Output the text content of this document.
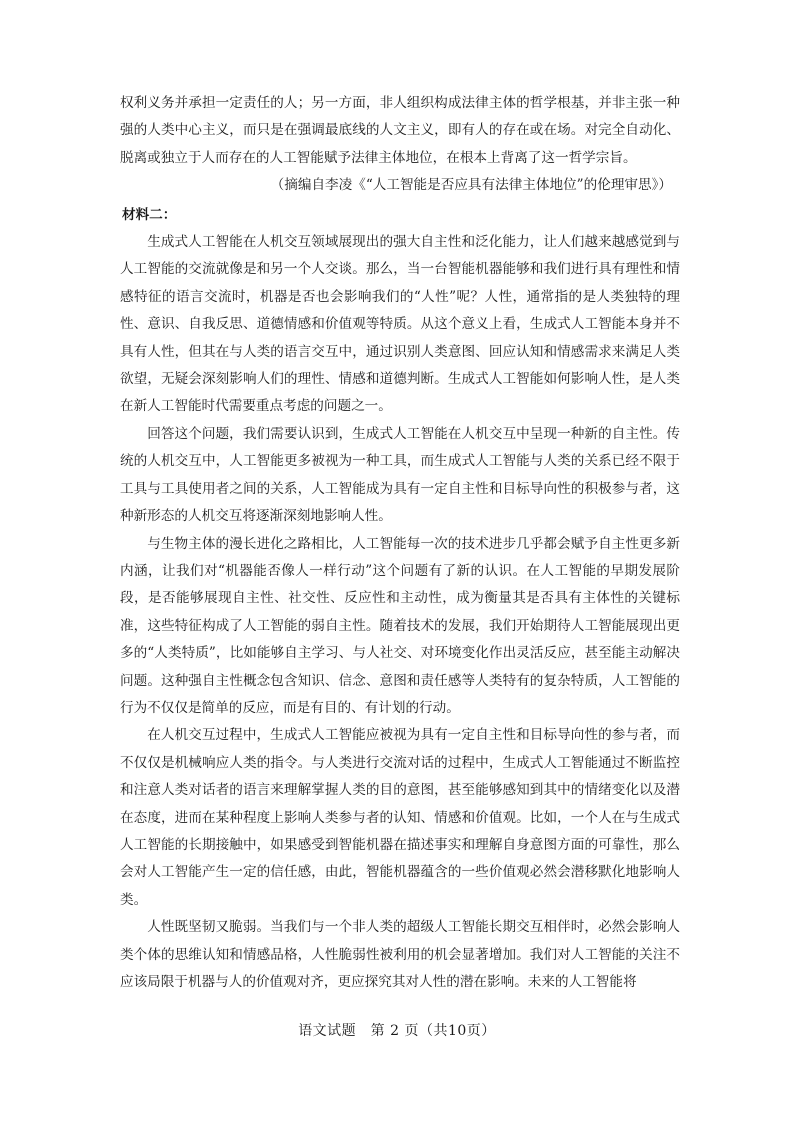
权利义务并承担一定责任的人；另一方面，非人组织构成法律主体的哲学根基，并非主张一种强的人类中心主义，而只是在强调最底线的人文主义，即有人的存在或在场。对完全自动化、脱离或独立于人而存在的人工智能赋予法律主体地位，在根本上背离了这一哲学宗旨。

（摘编自李凌《“人工智能是否应具有法律主体地位”的伦理审思》）

材料二：

生成式人工智能在人机交互领域展现出的强大自主性和泛化能力，让人们越来越感觉到与人工智能的交流就像是和另一个人交谈。那么，当一台智能机器能够和我们进行具有理性和情感特征的语言交流时，机器是否也会影响我们的“人性”呢？人性，通常指的是人类独特的理性、意识、自我反思、道德情感和价值观等特质。从这个意义上看，生成式人工智能本身并不具有人性，但其在与人类的语言交互中，通过识别人类意图、回应认知和情感需求来满足人类欲望，无疑会深刻影响人们的理性、情感和道德判断。生成式人工智能如何影响人性，是人类在新人工智能时代需要重点考虑的问题之一。

回答这个问题，我们需要认识到，生成式人工智能在人机交互中呈现一种新的自主性。传统的人机交互中，人工智能更多被视为一种工具，而生成式人工智能与人类的关系已经不限于工具与工具使用者之间的关系，人工智能成为具有一定自主性和目标导向性的积极参与者，这种新形态的人机交互将逐渐深刻地影响人性。

与生物主体的漫长进化之路相比，人工智能每一次的技术进步几乎都会赋予自主性更多新内涵，让我们对“机器能否像人一样行动”这个问题有了新的认识。在人工智能的早期发展阶段，是否能够展现自主性、社交性、反应性和主动性，成为衡量其是否具有主体性的关键标准，这些特征构成了人工智能的弱自主性。随着技术的发展，我们开始期待人工智能展现出更多的“人类特质”，比如能够自主学习、与人社交、对环境变化作出灵活反应，甚至能主动解决问题。这种强自主性概念包含知识、信念、意图和责任感等人类特有的复杂特质，人工智能的行为不仅仅是简单的反应，而是有目的、有计划的行动。

在人机交互过程中，生成式人工智能应被视为具有一定自主性和目标导向性的参与者，而不仅仅是机械响应人类的指令。与人类进行交流对话的过程中，生成式人工智能通过不断监控和注意人类对话者的语言来理解掌握人类的目的意图，甚至能够感知到其中的情绪变化以及潜在态度，进而在某种程度上影响人类参与者的认知、情感和价值观。比如，一个人在与生成式人工智能的长期接触中，如果感受到智能机器在描述事实和理解自身意图方面的可靠性，那么会对人工智能产生一定的信任感，由此，智能机器蕴含的一些价值观必然会潜移默化地影响人类。

人性既坚韧又脆弱。当我们与一个非人类的超级人工智能长期交互相伴时，必然会影响人类个体的思维认知和情感品格，人性脆弱性被利用的机会显著增加。我们对人工智能的关注不应该局限于机器与人的价值观对齐，更应探究其对人性的潜在影响。未来的人工智能将

语文试题　第 2 页（共10页）
